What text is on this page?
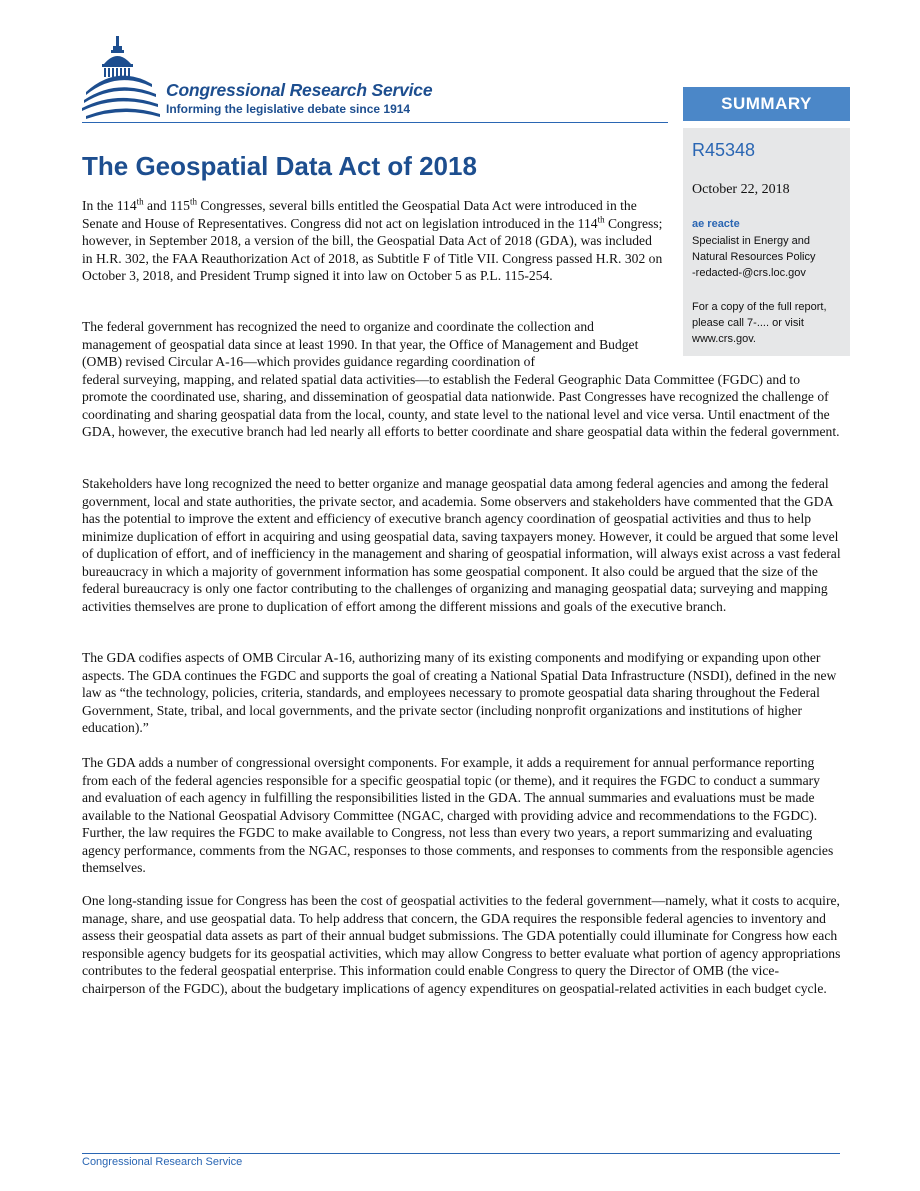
Congressional Research Service
Informing the legislative debate since 1914	SUMMARY
R45348
October 22, 2018
ae reacte
Specialist in Energy and
Natural Resources Policy
-redacted-@crs.loc.gov
For a copy of the full report,
please call 7-.... or visit
www.crs.gov.
The Geospatial Data Act of 2018

In the 114th and 115th Congresses, several bills entitled the Geospatial Data Act were introduced in the Senate and House of Representatives. Congress did not act on legislation introduced in the 114th Congress; however, in September 2018, a version of the bill, the Geospatial Data Act of 2018 (GDA), was included in H.R. 302, the FAA Reauthorization Act of 2018, as Subtitle F of Title VII. Congress passed H.R. 302 on October 3, 2018, and President Trump signed it into law on October 5 as P.L. 115-254.

The federal government has recognized the need to organize and coordinate the collection and management of geospatial data since at least 1990. In that year, the Office of Management and Budget (OMB) revised Circular A-16—which provides guidance regarding coordination of
federal surveying, mapping, and related spatial data activities—to establish the Federal Geographic Data Committee (FGDC) and to promote the coordinated use, sharing, and dissemination of geospatial data nationwide. Past Congresses have recognized the challenge of coordinating and sharing geospatial data from the local, county, and state level to the national level and vice versa. Until enactment of the GDA, however, the executive branch had led nearly all efforts to better coordinate and share geospatial data within the federal government.

Stakeholders have long recognized the need to better organize and manage geospatial data among federal agencies and among the federal government, local and state authorities, the private sector, and academia. Some observers and stakeholders have commented that the GDA has the potential to improve the extent and efficiency of executive branch agency coordination of geospatial activities and thus to help minimize duplication of effort in acquiring and using geospatial data, saving taxpayers money. However, it could be argued that some level of duplication of effort, and of inefficiency in the management and sharing of geospatial information, will always exist across a vast federal bureaucracy in which a majority of government information has some geospatial component. It also could be argued that the size of the federal bureaucracy is only one factor contributing to the challenges of organizing and managing geospatial data; surveying and mapping activities themselves are prone to duplication of effort among the different missions and goals of the executive branch.

The GDA codifies aspects of OMB Circular A-16, authorizing many of its existing components and modifying or expanding upon other aspects. The GDA continues the FGDC and supports the goal of creating a National Spatial Data Infrastructure (NSDI), defined in the new law as “the technology, policies, criteria, standards, and employees necessary to promote geospatial data sharing throughout the Federal Government, State, tribal, and local governments, and the private sector (including nonprofit organizations and institutions of higher education).”

The GDA adds a number of congressional oversight components. For example, it adds a requirement for annual performance reporting from each of the federal agencies responsible for a specific geospatial topic (or theme), and it requires the FGDC to conduct a summary and evaluation of each agency in fulfilling the responsibilities listed in the GDA. The annual summaries and evaluations must be made available to the National Geospatial Advisory Committee (NGAC, charged with providing advice and recommendations to the FGDC). Further, the law requires the FGDC to make available to Congress, not less than every two years, a report summarizing and evaluating agency performance, comments from the NGAC, responses to those comments, and responses to comments from the responsible agencies themselves.

One long-standing issue for Congress has been the cost of geospatial activities to the federal government—namely, what it costs to acquire, manage, share, and use geospatial data. To help address that concern, the GDA requires the responsible federal agencies to inventory and assess their geospatial data assets as part of their annual budget submissions. The GDA potentially could illuminate for Congress how each responsible agency budgets for its geospatial activities, which may allow Congress to better evaluate what portion of agency appropriations contributes to the federal geospatial enterprise. This information could enable Congress to query the Director of OMB (the vice-chairperson of the FGDC), about the budgetary implications of agency expenditures on geospatial-related activities in each budget cycle.

Congressional Research Service
